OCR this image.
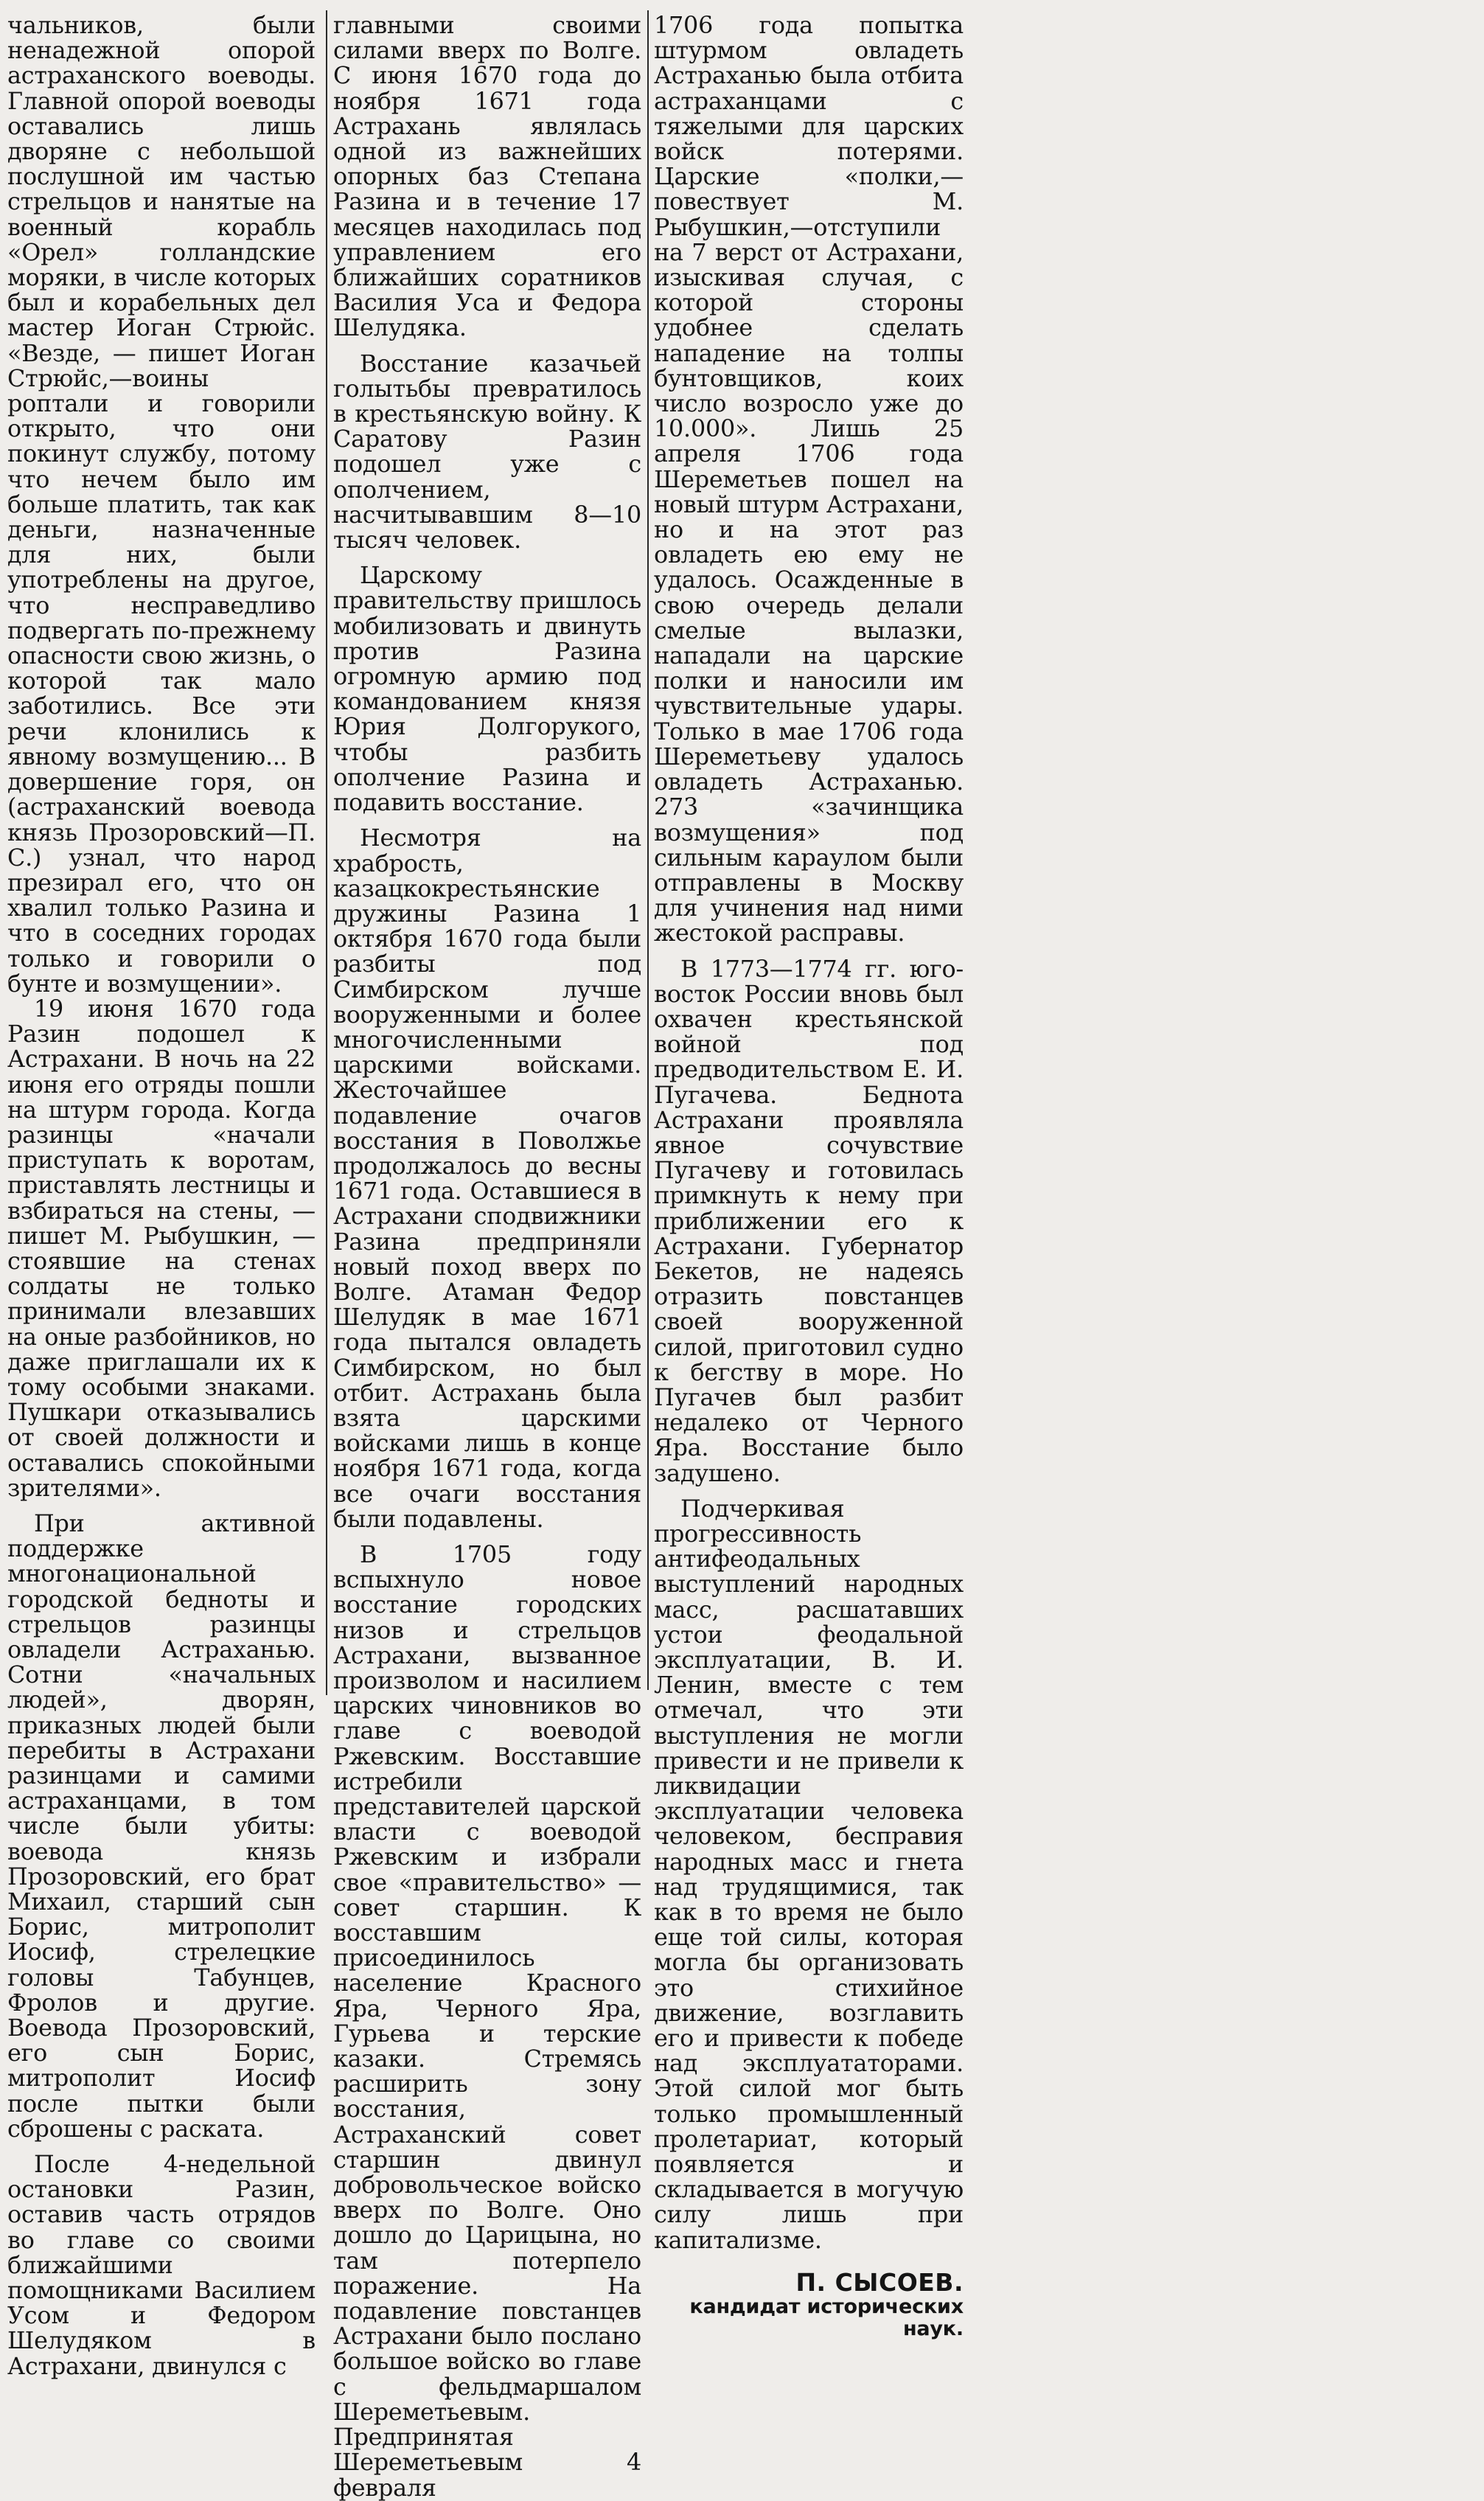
чальников, были ненадежной опорой астраханского воеводы. Главной опорой воеводы оставались лишь дворяне с небольшой послушной им частью стрельцов и нанятые на военный корабль «Орел» голландские моряки, в числе которых был и корабельных дел мастер Иоган Стрюйс. «Везде, — пишет Иоган Стрюйс,—воины роптали и говорили открыто, что они покинут службу, потому что нечем было им больше платить, так как деньги, назначенные для них, были употреблены на другое, что несправедливо подвергать по-прежнему опасности свою жизнь, о которой так мало заботились. Все эти речи клонились к явному возмущению... В довершение горя, он (астраханский воевода князь Прозоровский—П. С.) узнал, что народ презирал его, что он хвалил только Разина и что в соседних городах только и говорили о бунте и возмущении».

19 июня 1670 года Разин подошел к Астрахани. В ночь на 22 июня его отряды пошли на штурм города. Когда разинцы «начали приступать к воротам, приставлять лестницы и взбираться на стены, — пишет М. Рыбушкин, — стоявшие на стенах солдаты не только принимали влезавших на оные разбойников, но даже приглашали их к тому особыми знаками. Пушкари отказывались от своей должности и оставались спокойными зрителями».

При активной поддержке многонациональной городской бедноты и стрельцов разинцы овладели Астраханью. Сотни «начальных людей», дворян, приказных людей были перебиты в Астрахани разинцами и самими астраханцами, в том числе были убиты: воевода князь Прозоровский, его брат Михаил, старший сын Борис, митрополит Иосиф, стрелецкие головы Табунцев, Фролов и другие. Воевода Прозоровский, его сын Борис, митрополит Иосиф после пытки были сброшены с раската.

После 4-недельной остановки Разин, оставив часть отрядов во главе со своими ближайшими помощниками Василием Усом и Федором Шелудяком в Астрахани, двинулся с

главными своими силами вверх по Волге. С июня 1670 года до ноября 1671 года Астрахань являлась одной из важнейших опорных баз Степана Разина и в течение 17 месяцев находилась под управлением его ближайших соратников Василия Уса и Федора Шелудяка.

Восстание казачьей голытьбы превратилось в крестьянскую войну. К Саратову Разин подошел уже с ополчением, насчитывавшим 8—10 тысяч человек.

Царскому правительству пришлось мобилизовать и двинуть против Разина огромную армию под командованием князя Юрия Долгорукого, чтобы разбить ополчение Разина и подавить восстание.

Несмотря на храбрость, казацкокрестьянские дружины Разина 1 октября 1670 года были разбиты под Симбирском лучше вооруженными и более многочисленными царскими войсками. Жесточайшее подавление очагов восстания в Поволжье продолжалось до весны 1671 года. Оставшиеся в Астрахани сподвижники Разина предприняли новый поход вверх по Волге. Атаман Федор Шелудяк в мае 1671 года пытался овладеть Симбирском, но был отбит. Астрахань была взята царскими войсками лишь в конце ноября 1671 года, когда все очаги восстания были подавлены.

В 1705 году вспыхнуло новое восстание городских низов и стрельцов Астрахани, вызванное произволом и насилием царских чиновников во главе с воеводой Ржевским. Восставшие истребили представителей царской власти с воеводой Ржевским и избрали свое «правительство» — совет старшин. К восставшим присоединилось население Красного Яра, Черного Яра, Гурьева и терские казаки. Стремясь расширить зону восстания, Астраханский совет старшин двинул добровольческое войско вверх по Волге. Оно дошло до Царицына, но там потерпело поражение. На подавление повстанцев Астрахани было послано большое войско во главе с фельдмаршалом Шереметьевым. Предпринятая Шереметьевым 4 февраля

1706 года попытка штурмом овладеть Астраханью была отбита астраханцами с тяжелыми для царских войск потерями. Царские «полки,— повествует М. Рыбушкин,—отступили на 7 верст от Астрахани, изыскивая случая, с которой стороны удобнее сделать нападение на толпы бунтовщиков, коих число возросло уже до 10.000». Лишь 25 апреля 1706 года Шереметьев пошел на новый штурм Астрахани, но и на этот раз овладеть ею ему не удалось. Осажденные в свою очередь делали смелые вылазки, нападали на царские полки и наносили им чувствительные удары. Только в мае 1706 года Шереметьеву удалось овладеть Астраханью. 273 «зачинщика возмущения» под сильным караулом были отправлены в Москву для учинения над ними жестокой расправы.

В 1773—1774 гг. юго-восток России вновь был охвачен крестьянской войной под предводительством Е. И. Пугачева. Беднота Астрахани проявляла явное сочувствие Пугачеву и готовилась примкнуть к нему при приближении его к Астрахани. Губернатор Бекетов, не надеясь отразить повстанцев своей вооруженной силой, приготовил судно к бегству в море. Но Пугачев был разбит недалеко от Черного Яра. Восстание было задушено.

Подчеркивая прогрессивность антифеодальных выступлений народных масс, расшатавших устои феодальной эксплуатации, В. И. Ленин, вместе с тем отмечал, что эти выступления не могли привести и не привели к ликвидации эксплуатации человека человеком, бесправия народных масс и гнета над трудящимися, так как в то время не было еще той силы, которая могла бы организовать это стихийное движение, возглавить его и привести к победе над эксплуататорами. Этой силой мог быть только промышленный пролетариат, который появляется и складывается в могучую силу лишь при капитализме.

П. СЫСОЕВ.
кандидат исторических
наук.
